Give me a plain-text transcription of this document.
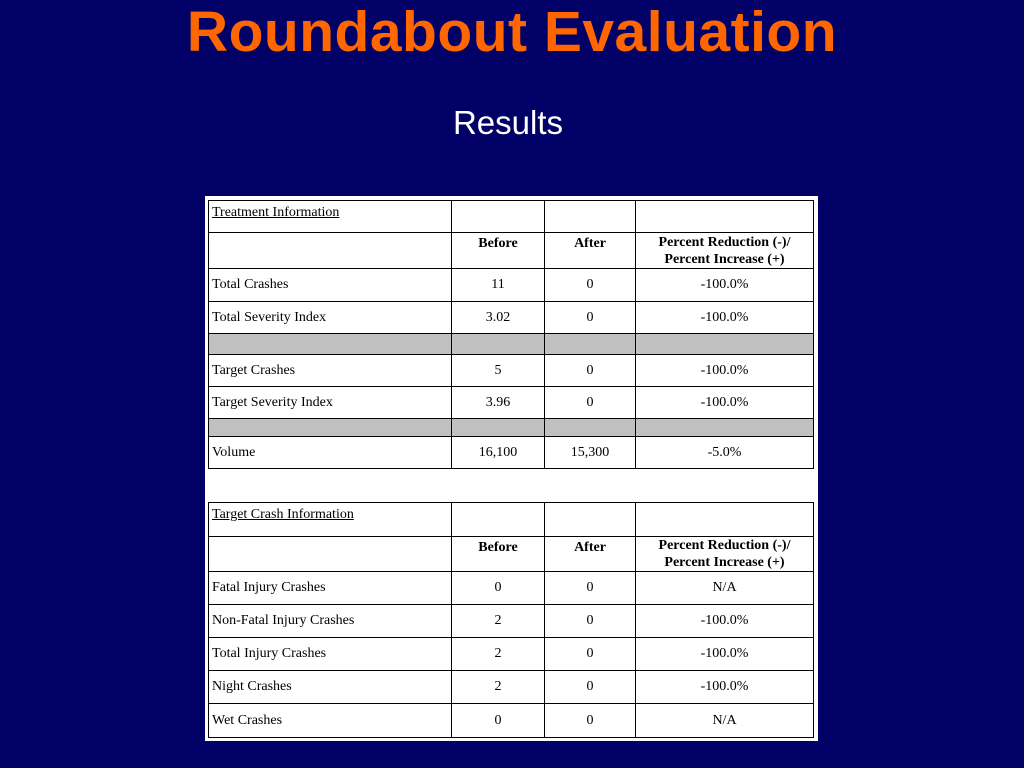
Roundabout Evaluation
Results
Treatment Information			
	Before	After	Percent Reduction (-)/
Percent Increase (+)

Total Crashes	11	0	-100.0%
Total Severity Index	3.02	0	-100.0%

Target Crashes	5	0	-100.0%
Target Severity Index	3.96	0	-100.0%

Volume	16,100	15,300	-5.0%
Target Crash Information			
	Before	After	Percent Reduction (-)/
Percent Increase (+)

Fatal Injury Crashes	0	0	N/A
Non-Fatal Injury Crashes	2	0	-100.0%
Total Injury Crashes	2	0	-100.0%
Night Crashes	2	0	-100.0%
Wet Crashes	0	0	N/A
